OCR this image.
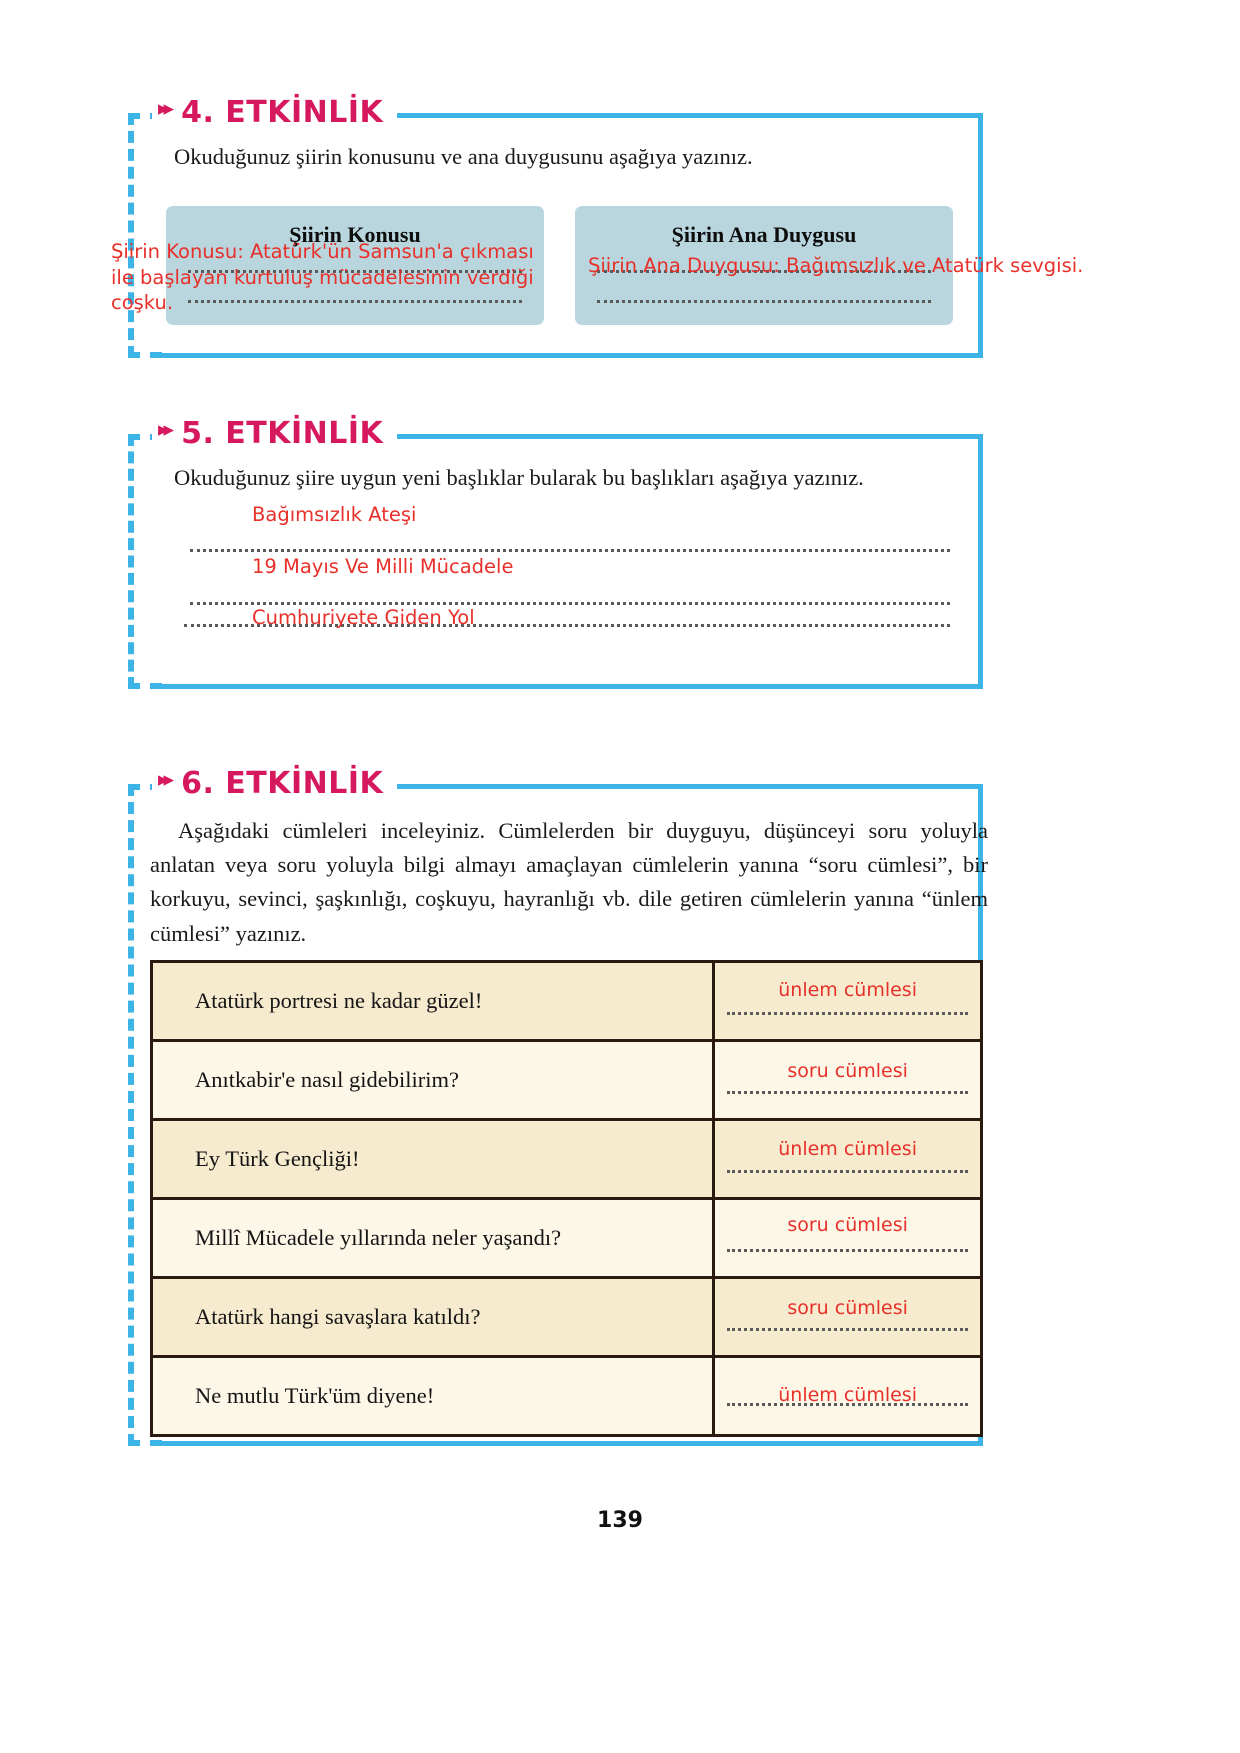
▸▸ 4. ETKİNLİK
Okuduğunuz şiirin konusunu ve ana duygusunu aşağıya yazınız.
Şiirin Konusu
Şiirin Konusu: Atatürk'ün Samsun'a çıkması ile başlayan kurtuluş mücadelesinin verdiği coşku.
Şiirin Ana Duygusu
Şiirin Ana Duygusu: Bağımsızlık ve Atatürk sevgisi.
▸▸ 5. ETKİNLİK
Okuduğunuz şiire uygun yeni başlıklar bularak bu başlıkları aşağıya yazınız.
Bağımsızlık Ateşi
19 Mayıs Ve Milli Mücadele
Cumhuriyete Giden Yol
▸▸ 6. ETKİNLİK
Aşağıdaki cümleleri inceleyiniz. Cümlelerden bir duyguyu, düşünceyi soru yoluyla anlatan veya soru yoluyla bilgi almayı amaçlayan cümlelerin yanına “soru cümlesi”, bir korkuyu, sevinci, şaşkınlığı, coşkuyu, hayranlığı vb. dile getiren cümlelerin yanına “ünlem cümlesi” yazınız.
Atatürk portresi ne kadar güzel!	ünlem cümlesi

Anıtkabir'e nasıl gidebilirim?	soru cümlesi

Ey Türk Gençliği!	ünlem cümlesi

Millî Mücadele yıllarında neler yaşandı?	soru cümlesi

Atatürk hangi savaşlara katıldı?	soru cümlesi

Ne mutlu Türk'üm diyene!	ünlem cümlesi
139
